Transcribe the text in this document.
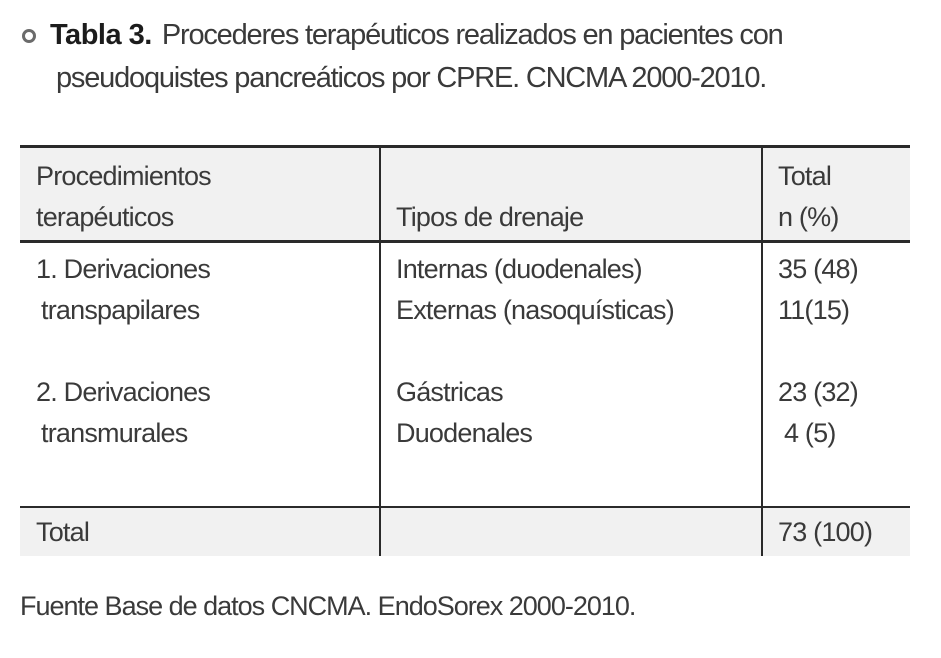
Tabla 3. Procederes terapéuticos realizados en pacientes con
pseudoquistes pancreáticos por CPRE. CNCMA 2000-2010.
Procedimientos
terapéuticos	Tipos de drenaje
Total
n (%)
1. Derivaciones
transpapilares
Internas (duodenales)
Externas (nasoquísticas)
35 (48)
11(15)
2. Derivaciones
transmurales
Gástricas
Duodenales
23 (32)
4 (5)
Total	73 (100)
Fuente Base de datos CNCMA. EndoSorex 2000-2010.
